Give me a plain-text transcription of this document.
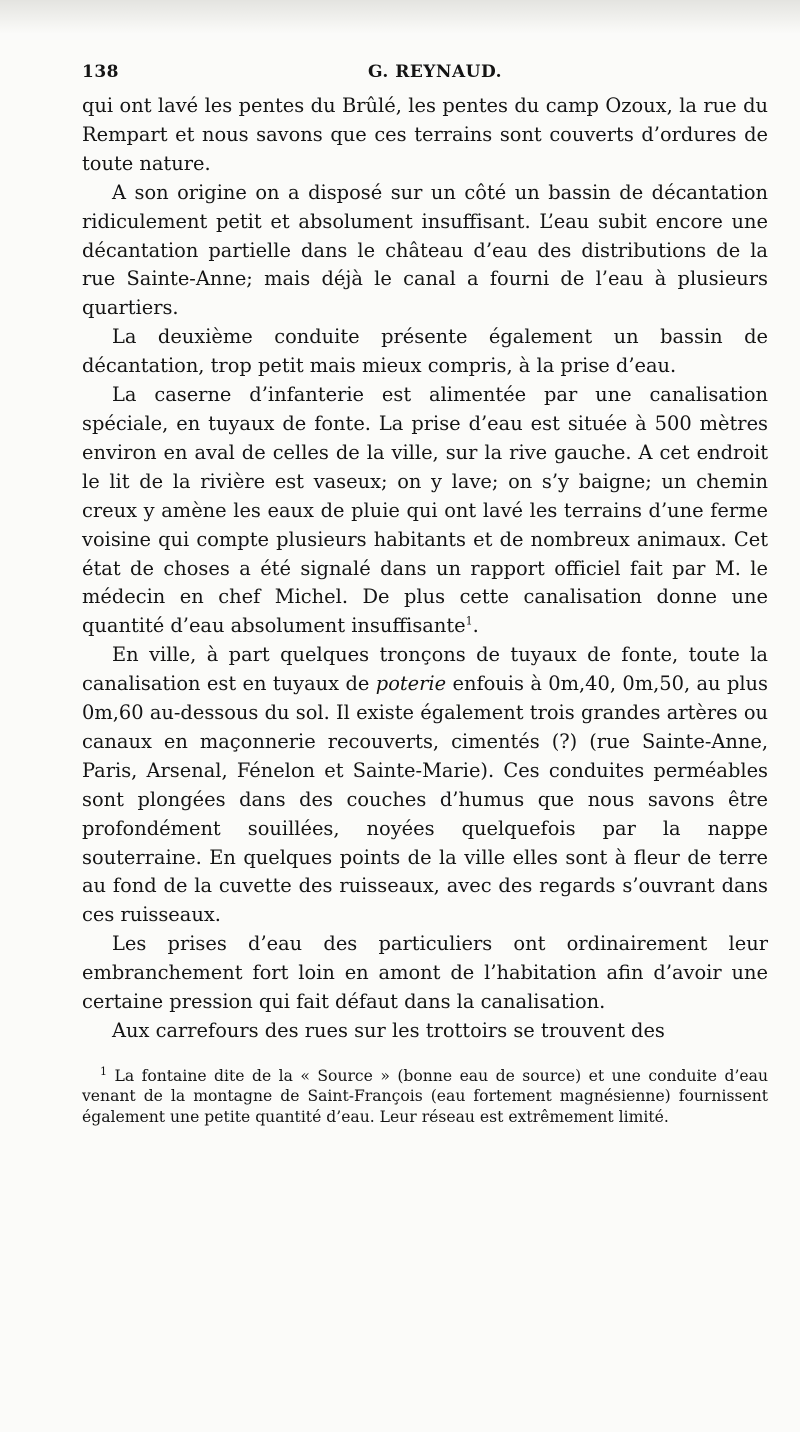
138	G. REYNAUD.

qui ont lavé les pentes du Brûlé, les pentes du camp Ozoux, la rue du Rempart et nous savons que ces terrains sont couverts d’ordures de toute nature.

A son origine on a disposé sur un côté un bassin de décantation ridiculement petit et absolument insuffisant. L’eau subit encore une décantation partielle dans le château d’eau des distributions de la rue Sainte-Anne; mais déjà le canal a fourni de l’eau à plusieurs quartiers.

La deuxième conduite présente également un bassin de décantation, trop petit mais mieux compris, à la prise d’eau.

La caserne d’infanterie est alimentée par une canalisation spéciale, en tuyaux de fonte. La prise d’eau est située à 500 mètres environ en aval de celles de la ville, sur la rive gauche. A cet endroit le lit de la rivière est vaseux; on y lave; on s’y baigne; un chemin creux y amène les eaux de pluie qui ont lavé les terrains d’une ferme voisine qui compte plusieurs habitants et de nombreux animaux. Cet état de choses a été signalé dans un rapport officiel fait par M. le médecin en chef Michel. De plus cette canalisation donne une quantité d’eau absolument insuffisante$^1$.

En ville, à part quelques tronçons de tuyaux de fonte, toute la canalisation est en tuyaux de poterie enfouis à 0m,40, 0m,50, au plus 0m,60 au-dessous du sol. Il existe également trois grandes artères ou canaux en maçonnerie recouverts, cimentés (?) (rue Sainte-Anne, Paris, Arsenal, Fénelon et Sainte-Marie). Ces conduites perméables sont plongées dans des couches d’humus que nous savons être profondément souillées, noyées quelquefois par la nappe souterraine. En quelques points de la ville elles sont à fleur de terre au fond de la cuvette des ruisseaux, avec des regards s’ouvrant dans ces ruisseaux.

Les prises d’eau des particuliers ont ordinairement leur embranchement fort loin en amont de l’habitation afin d’avoir une certaine pression qui fait défaut dans la canalisation.

Aux carrefours des rues sur les trottoirs se trouvent des

$^1$ La fontaine dite de la « Source » (bonne eau de source) et une conduite d’eau venant de la montagne de Saint-François (eau fortement magnésienne) fournissent également une petite quantité d’eau. Leur réseau est extrêmement limité.
